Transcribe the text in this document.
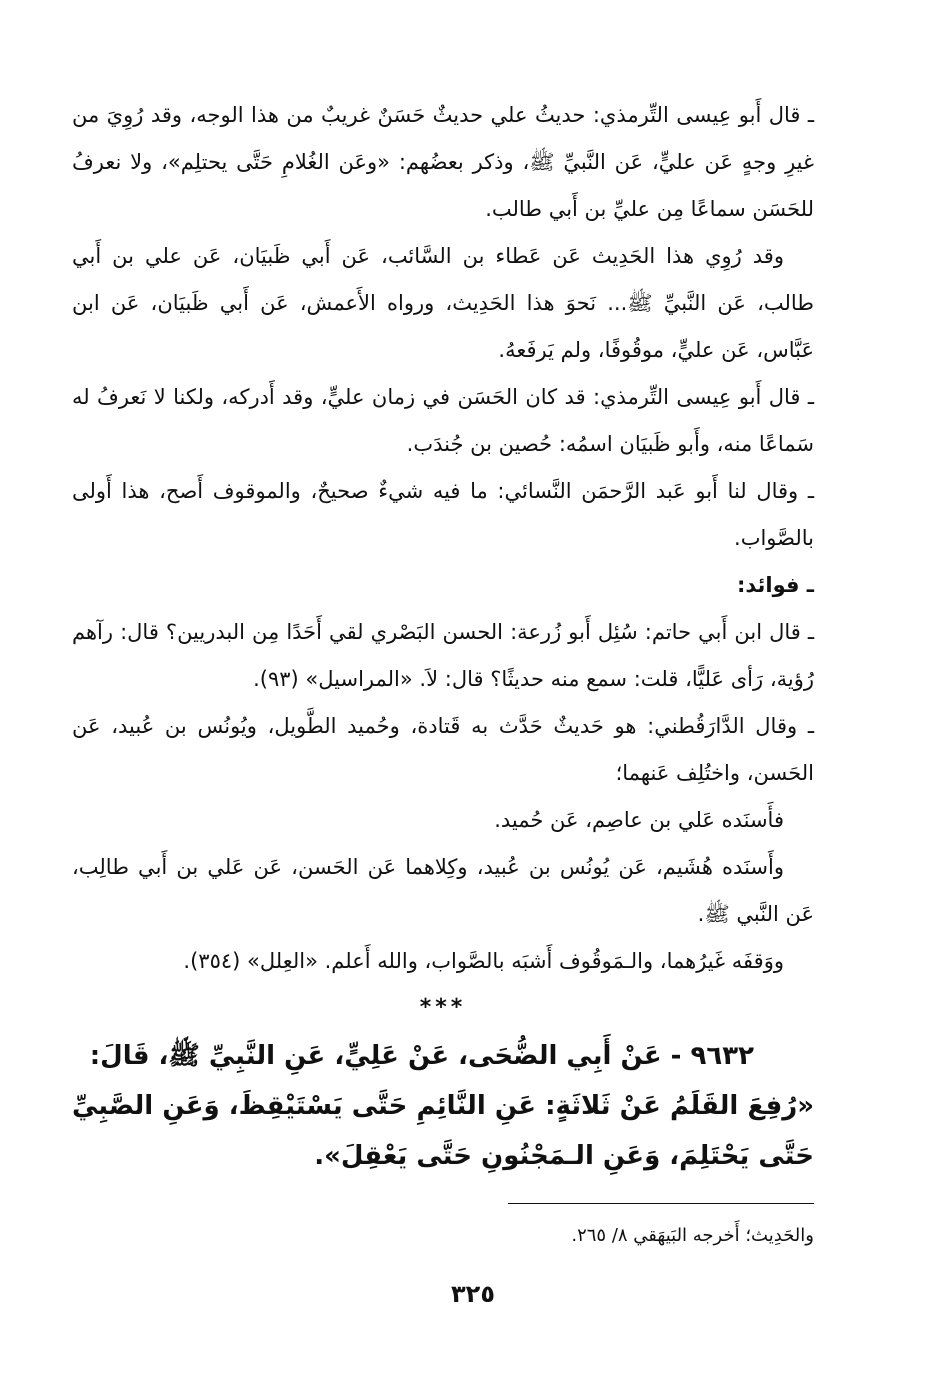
ـ قال أَبو عِيسى التِّرمذي: حديثُ علي حديثٌ حَسَنٌ غريبٌ من هذا الوجه، وقد رُوِيَ من غيرِ وجهٍ عَن عليٍّ، عَن النَّبيِّ ﷺ، وذكر بعضُهم: «وعَن الغُلامِ حَتَّى يحتلِم»، ولا نعرفُ للحَسَن سماعًا مِن عليِّ بن أَبي طالب.

وقد رُوِي هذا الحَدِيث عَن عَطاء بن السَّائب، عَن أَبي ظَبيَان، عَن علي بن أَبي طالب، عَن النَّبيِّ ﷺ... نَحوَ هذا الحَدِيث، ورواه الأَعمش، عَن أَبي ظَبيَان، عَن ابن عَبَّاس، عَن عليٍّ، موقُوفًا، ولم يَرفَعهُ.

ـ قال أَبو عِيسى التِّرمذي: قد كان الحَسَن في زمان عليٍّ، وقد أَدركه، ولكنا لا نَعرفُ له سَماعًا منه، وأَبو ظَبيَان اسمُه: حُصين بن جُندَب.

ـ وقال لنا أَبو عَبد الرَّحمَن النَّسائي: ما فيه شيءٌ صحيحٌ، والموقوف أَصح، هذا أَولى بالصَّواب.

ـ فوائد:

ـ قال ابن أَبي حاتم: سُئِل أَبو زُرعة: الحسن البَصْري لقي أَحَدًا مِن البدريين؟ قال: رآهم رُؤية، رَأى عَليًّا، قلت: سمع منه حديثًا؟ قال: لاَ. «المراسيل» (٩٣).

ـ وقال الدَّارَقُطني: هو حَديثٌ حَدَّث به قَتادة، وحُميد الطَّويل، ويُونُس بن عُبيد، عَن الحَسن، واختُلِف عَنهما؛

فأَسنَده عَلي بن عاصِم، عَن حُميد.

وأَسنَده هُشَيم، عَن يُونُس بن عُبيد، وكِلاهما عَن الحَسن، عَن عَلي بن أَبي طالِب، عَن النَّبي ﷺ.

ووَقفَه غَيرُهما، والـمَوقُوف أَشبَه بالصَّواب، والله أَعلم. «العِلل» (٣٥٤).

***

٩٦٣٢ - عَنْ أَبِي الضُّحَى، عَنْ عَلِيٍّ، عَنِ النَّبِيِّ ﷺ، قَالَ:

«رُفِعَ القَلَمُ عَنْ ثَلاثَةٍ: عَنِ النَّائِمِ حَتَّى يَسْتَيْقِظَ، وَعَنِ الصَّبِيِّ حَتَّى يَحْتَلِمَ، وَعَنِ الـمَجْنُونِ حَتَّى يَعْقِلَ».

والحَدِيث؛ أَخرجه البَيهَقي ٨/ ٢٦٥.
٣٢٥
